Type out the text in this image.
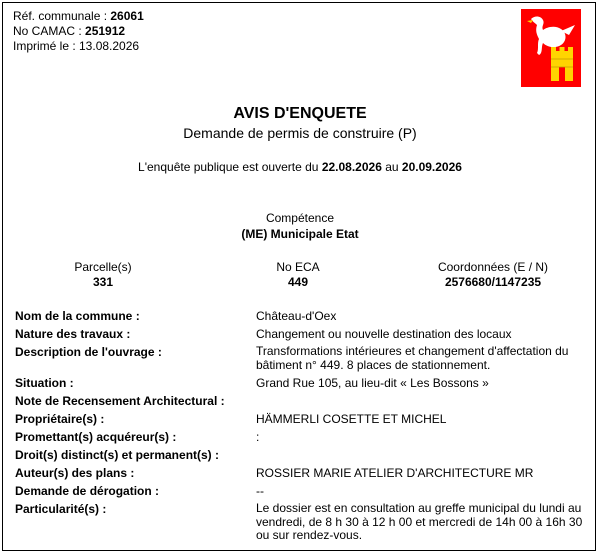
Réf. communale : 26061
No CAMAC : 251912
Imprimé le : 13.08.2026
AVIS D'ENQUETE
Demande de permis de construire (P)
L'enquête publique est ouverte du 22.08.2026 au 20.09.2026
Compétence
(ME) Municipale Etat
Parcelle(s)
331
No ECA
449
Coordonnées (E / N)
2576680/1147235
Nom de la commune :	Château-d'Oex
Nature des travaux :	Changement ou nouvelle destination des locaux
Description de l'ouvrage :	Transformations intérieures et changement d'affectation du bâtiment n° 449. 8 places de stationnement.
Situation :	Grand Rue 105, au lieu-dit « Les Bossons »
Note de Recensement Architectural :
Propriétaire(s) :	HÄMMERLI COSETTE ET MICHEL
Promettant(s) acquéreur(s) :	:
Droit(s) distinct(s) et permanent(s) :
Auteur(s) des plans :	ROSSIER MARIE ATELIER D'ARCHITECTURE MR
Demande de dérogation :	--
Particularité(s) :	Le dossier est en consultation au greffe municipal du lundi au vendredi, de 8 h 30 à 12 h 00 et mercredi de 14h 00 à 16h 30 ou sur rendez-vous.
